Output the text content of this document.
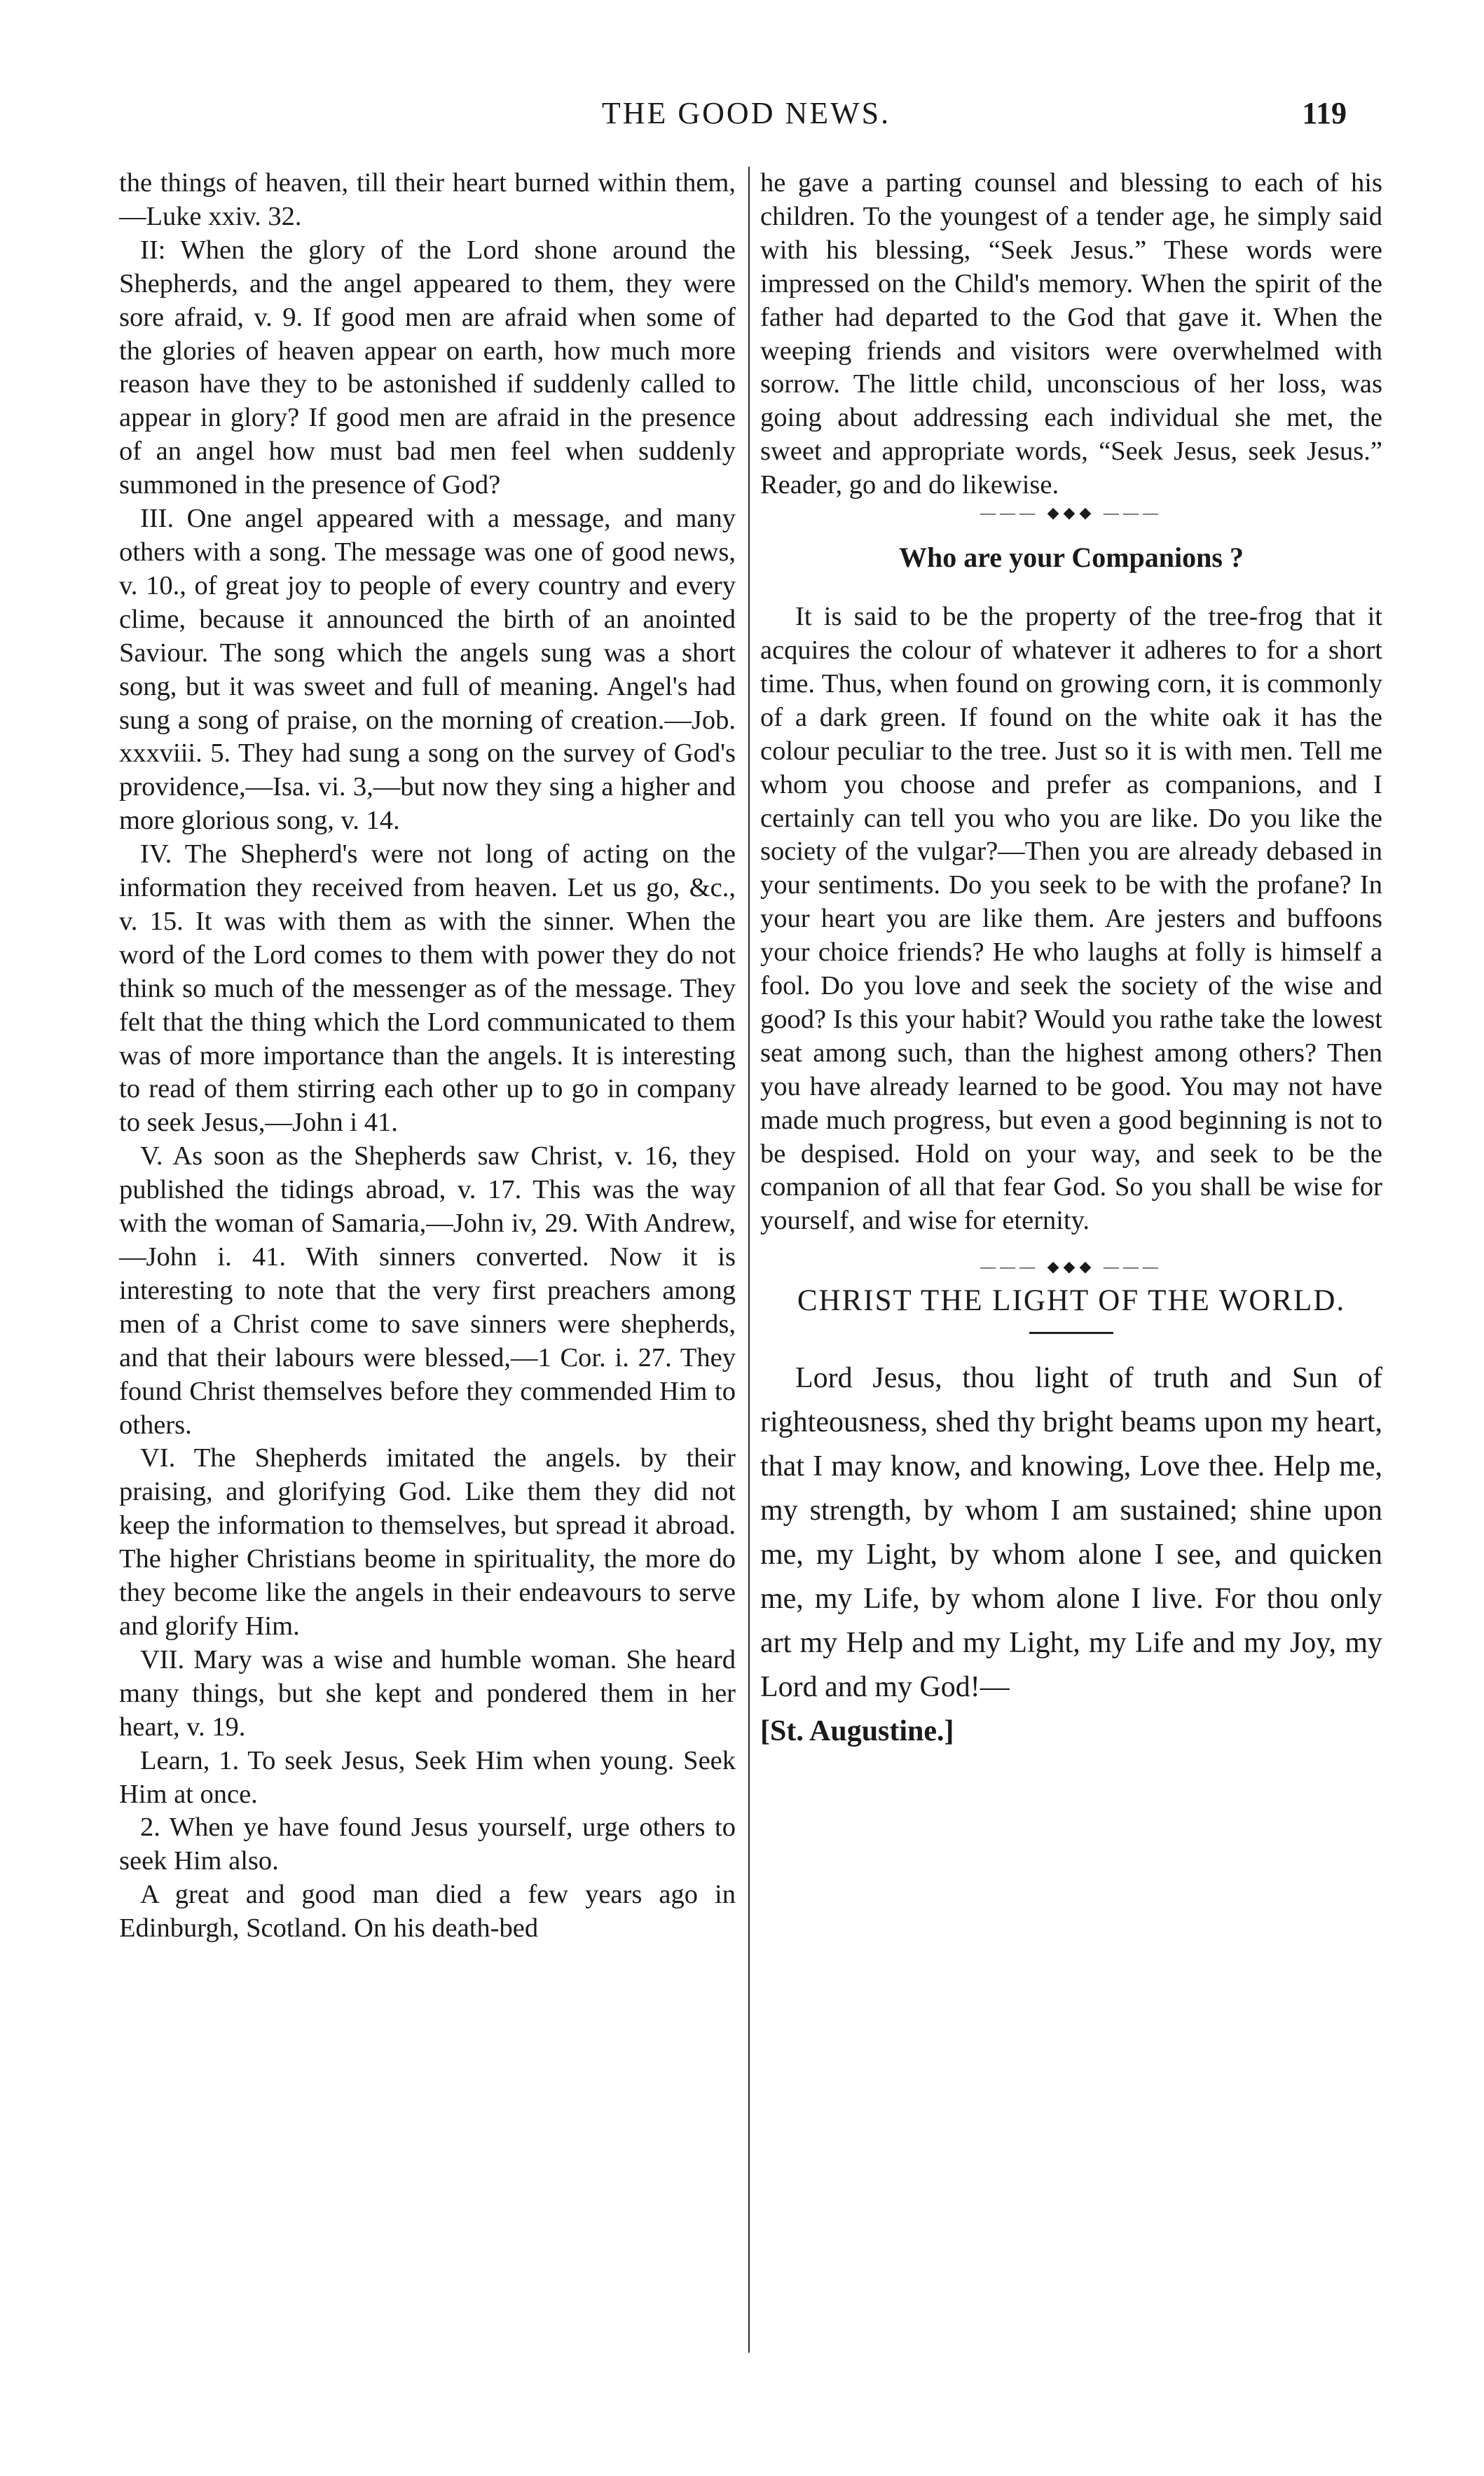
THE GOOD NEWS.	119

the things of heaven, till their heart burned within them,—Luke xxiv. 32.

II: When the glory of the Lord shone around the Shepherds, and the angel appeared to them, they were sore afraid, v. 9. If good men are afraid when some of the glories of heaven appear on earth, how much more reason have they to be astonished if suddenly called to appear in glory? If good men are afraid in the presence of an angel how must bad men feel when suddenly summoned in the presence of God?

III. One angel appeared with a message, and many others with a song. The message was one of good news, v. 10., of great joy to people of every country and every clime, because it announced the birth of an anointed Saviour. The song which the angels sung was a short song, but it was sweet and full of meaning. Angel's had sung a song of praise, on the morning of creation.—Job. xxxviii. 5. They had sung a song on the survey of God's providence,—Isa. vi. 3,—but now they sing a higher and more glorious song, v. 14.

IV. The Shepherd's were not long of acting on the information they received from heaven. Let us go, &c., v. 15. It was with them as with the sinner. When the word of the Lord comes to them with power they do not think so much of the messenger as of the message. They felt that the thing which the Lord communicated to them was of more importance than the angels. It is interesting to read of them stirring each other up to go in company to seek Jesus,—John i 41.

V. As soon as the Shepherds saw Christ, v. 16, they published the tidings abroad, v. 17. This was the way with the woman of Samaria,—John iv, 29. With Andrew,—John i. 41. With sinners converted. Now it is interesting to note that the very first preachers among men of a Christ come to save sinners were shepherds, and that their labours were blessed,—1 Cor. i. 27. They found Christ themselves before they commended Him to others.

VI. The Shepherds imitated the angels. by their praising, and glorifying God. Like them they did not keep the information to themselves, but spread it abroad. The higher Christians beome in spirituality, the more do they become like the angels in their endeavours to serve and glorify Him.

VII. Mary was a wise and humble woman. She heard many things, but she kept and pondered them in her heart, v. 19.

Learn, 1. To seek Jesus, Seek Him when young. Seek Him at once.

2. When ye have found Jesus yourself, urge others to seek Him also.

A great and good man died a few years ago in Edinburgh, Scotland. On his death-bed

he gave a parting counsel and blessing to each of his children. To the youngest of a tender age, he simply said with his blessing, “Seek Jesus.” These words were impressed on the Child's memory. When the spirit of the father had departed to the God that gave it. When the weeping friends and visitors were overwhelmed with sorrow. The little child, unconscious of her loss, was going about addressing each individual she met, the sweet and appropriate words, “Seek Jesus, seek Jesus.” Reader, go and do likewise.

——— ◆◆◆ ———
Who are your Companions ?

It is said to be the property of the tree-frog that it acquires the colour of whatever it adheres to for a short time. Thus, when found on growing corn, it is commonly of a dark green. If found on the white oak it has the colour peculiar to the tree. Just so it is with men. Tell me whom you choose and prefer as companions, and I certainly can tell you who you are like. Do you like the society of the vulgar?—Then you are already debased in your sentiments. Do you seek to be with the profane? In your heart you are like them. Are jesters and buffoons your choice friends? He who laughs at folly is himself a fool. Do you love and seek the society of the wise and good? Is this your habit? Would you rathe take the lowest seat among such, than the highest among others? Then you have already learned to be good. You may not have made much progress, but even a good beginning is not to be despised. Hold on your way, and seek to be the companion of all that fear God. So you shall be wise for yourself, and wise for eternity.

——— ◆◆◆ ———
CHRIST THE LIGHT OF THE WORLD.

Lord Jesus, thou light of truth and Sun of righteousness, shed thy bright beams upon my heart, that I may know, and knowing, Love thee. Help me, my strength, by whom I am sustained; shine upon me, my Light, by whom alone I see, and quicken me, my Life, by whom alone I live. For thou only art my Help and my Light, my Life and my Joy, my Lord and my God!—

[St. Augustine.]
